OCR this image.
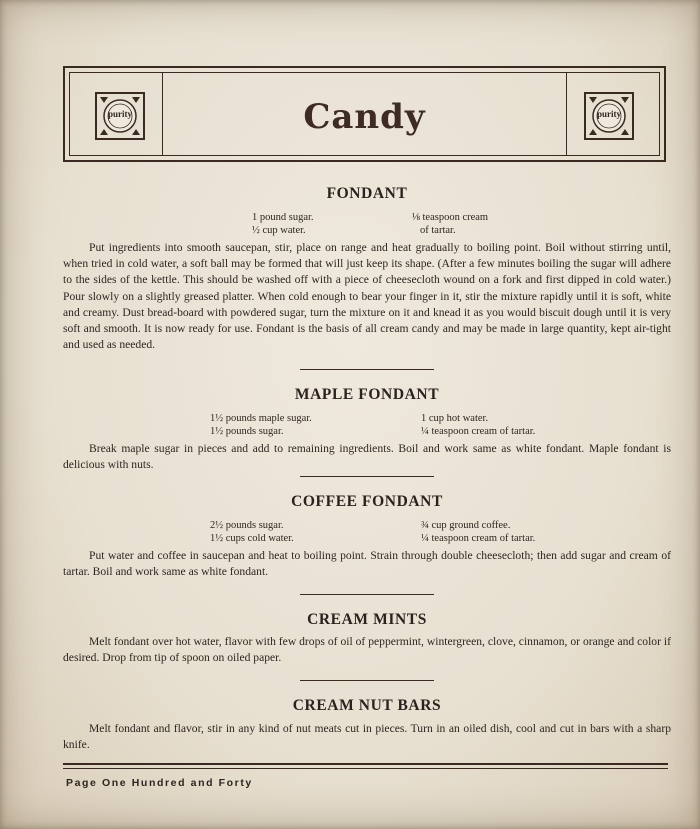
purity	Candy	purity
FONDANT
1 pound sugar.
½ cup water.
⅛ teaspoon cream
of tartar.
Put ingredients into smooth saucepan, stir, place on range and heat gradually to boiling point. Boil without stirring until, when tried in cold water, a soft ball may be formed that will just keep its shape. (After a few minutes boiling the sugar will adhere to the sides of the kettle. This should be washed off with a piece of cheesecloth wound on a fork and first dipped in cold water.) Pour slowly on a slightly greased platter. When cold enough to bear your finger in it, stir the mixture rapidly until it is soft, white and creamy. Dust bread-board with powdered sugar, turn the mixture on it and knead it as you would biscuit dough until it is very soft and smooth. It is now ready for use. Fondant is the basis of all cream candy and may be made in large quantity, kept air-tight and used as needed.
MAPLE FONDANT
1½ pounds maple sugar.
1½ pounds sugar.
1 cup hot water.
¼ teaspoon cream of tartar.
Break maple sugar in pieces and add to remaining ingredients. Boil and work same as white fondant. Maple fondant is delicious with nuts.
COFFEE FONDANT
2½ pounds sugar.
1½ cups cold water.
¾ cup ground coffee.
¼ teaspoon cream of tartar.
Put water and coffee in saucepan and heat to boiling point. Strain through double cheesecloth; then add sugar and cream of tartar. Boil and work same as white fondant.
CREAM MINTS
Melt fondant over hot water, flavor with few drops of oil of peppermint, wintergreen, clove, cinnamon, or orange and color if desired. Drop from tip of spoon on oiled paper.
CREAM NUT BARS
Melt fondant and flavor, stir in any kind of nut meats cut in pieces. Turn in an oiled dish, cool and cut in bars with a sharp knife.
Page One Hundred and Forty
